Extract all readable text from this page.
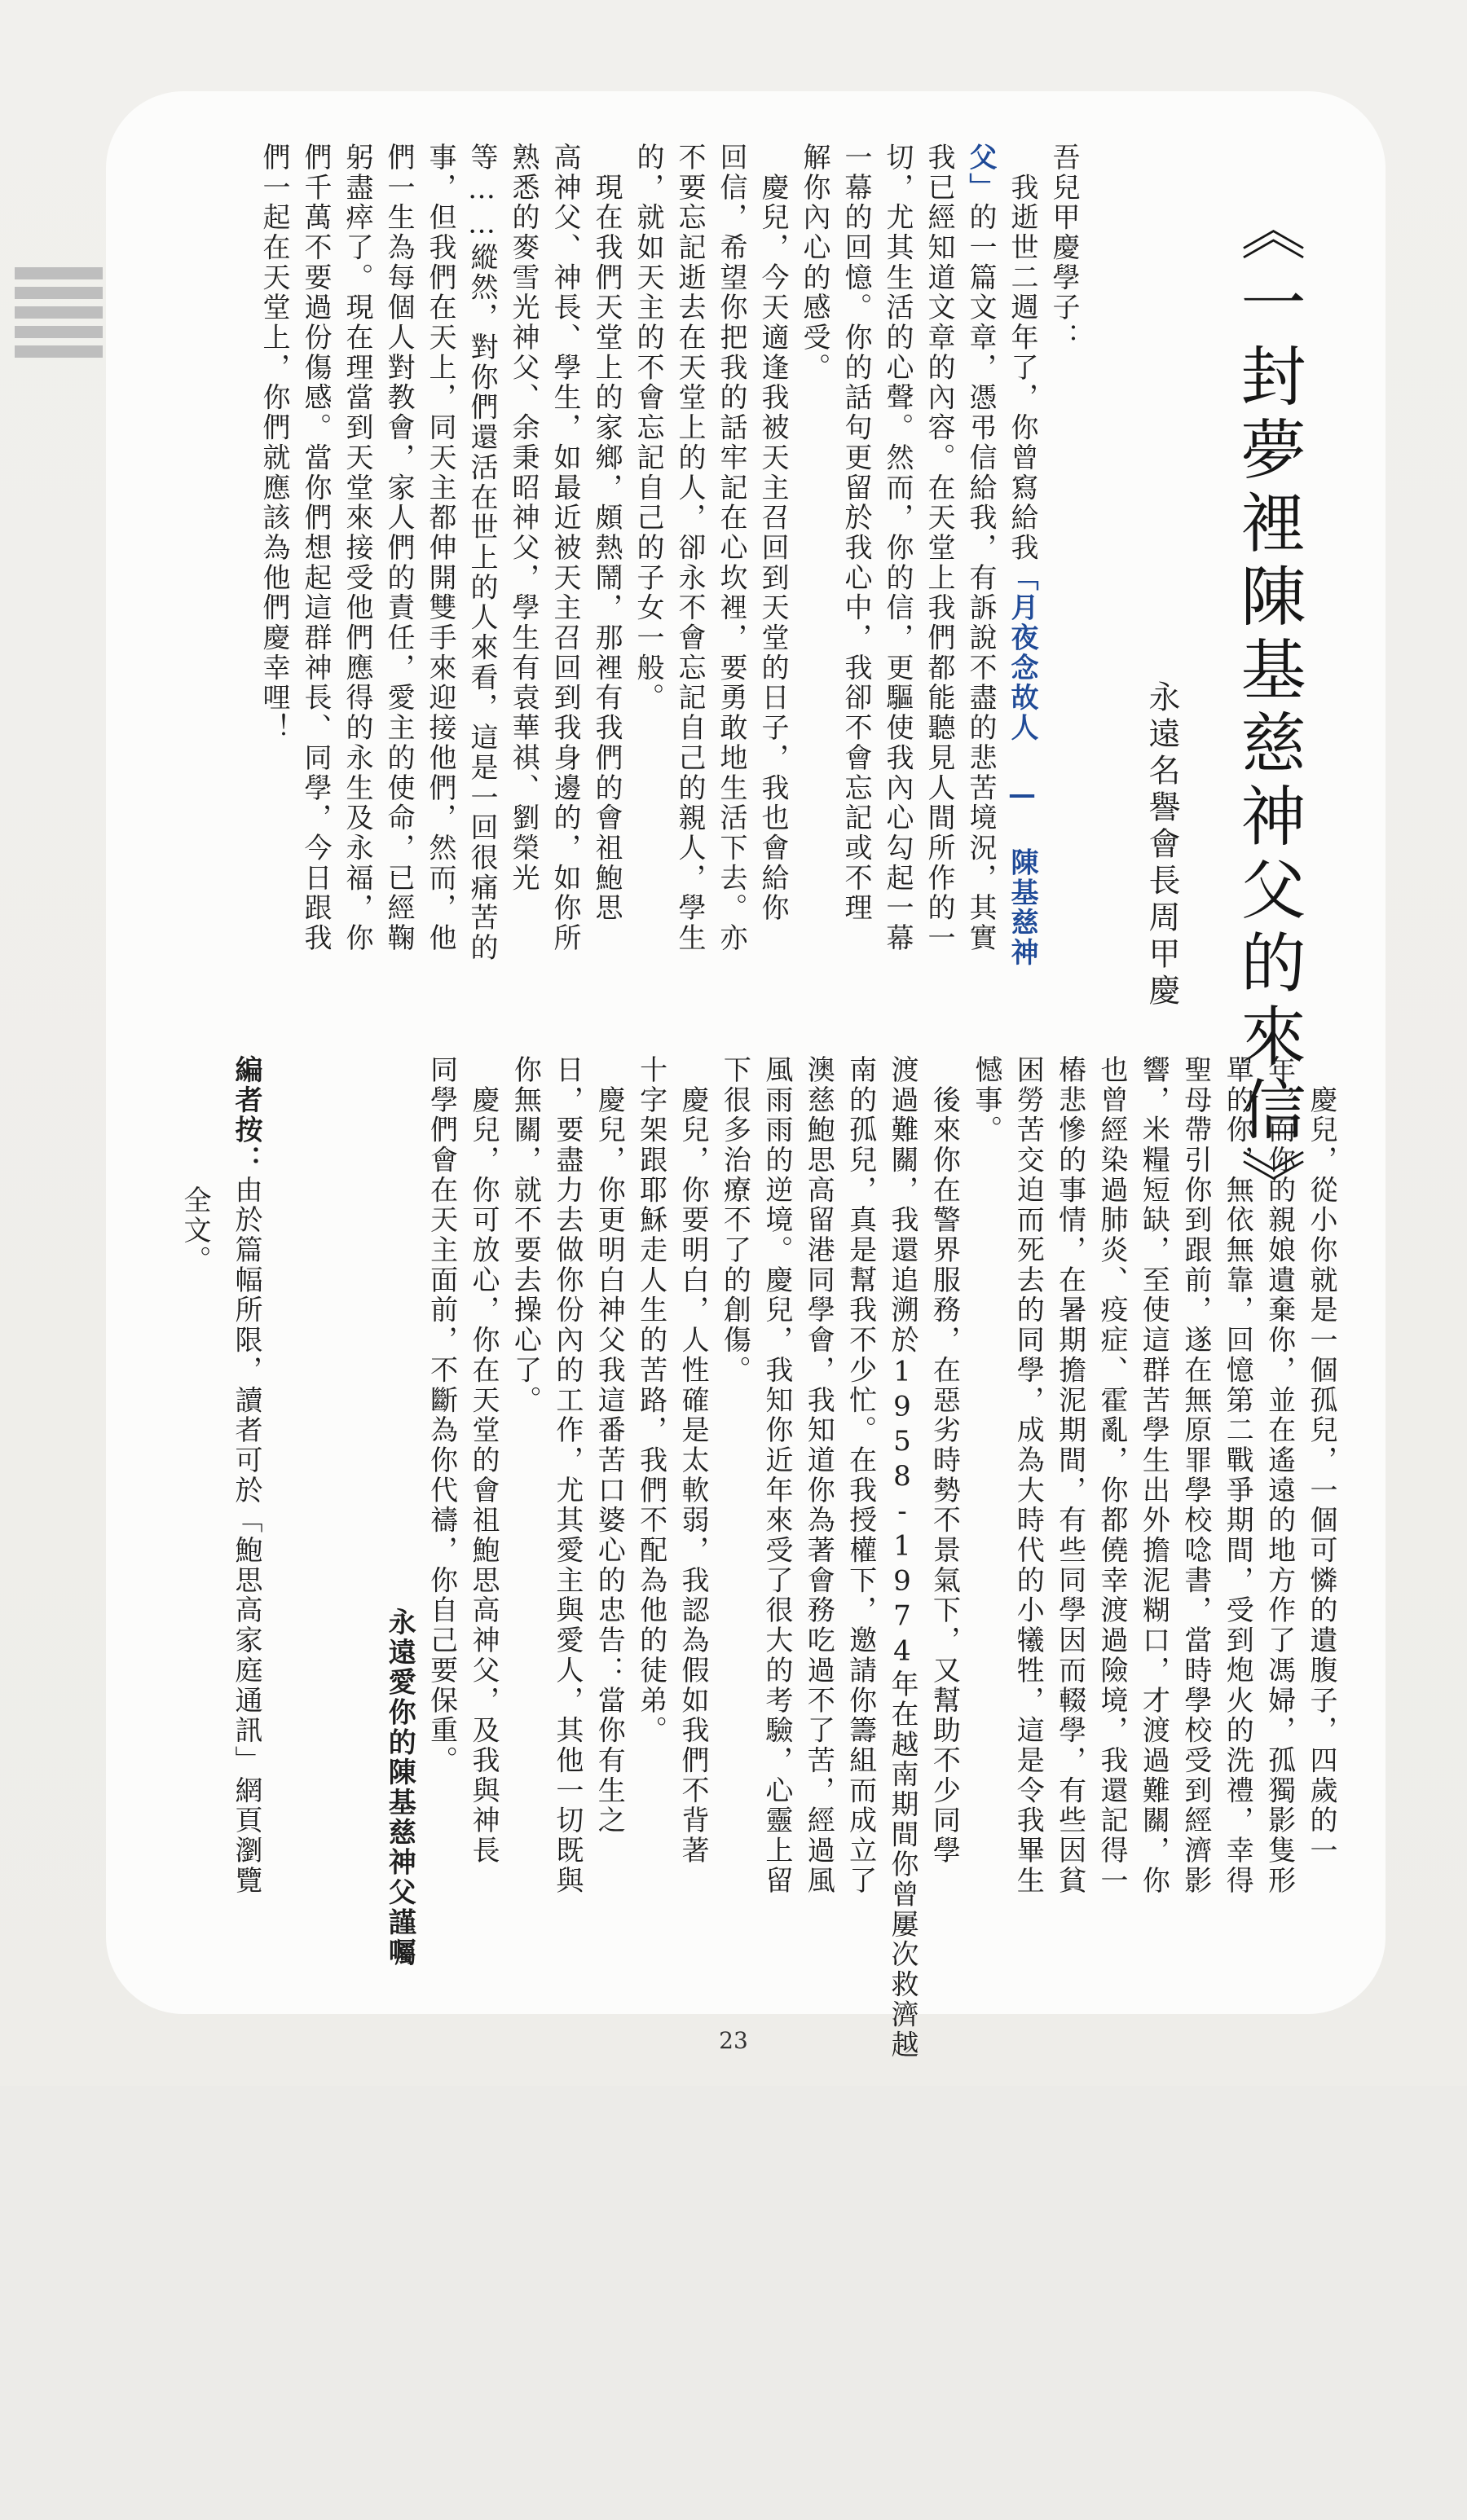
《一封夢裡陳基慈神父的來信》
永遠名譽會長周甲慶
吾兒甲慶學子：
　我逝世二週年了，你曾寫給我「月夜念故人 — 陳基慈神
父」的一篇文章，憑弔信給我，有訴說不盡的悲苦境況，其實
我已經知道文章的內容。在天堂上我們都能聽見人間所作的一
切，尤其生活的心聲。然而，你的信，更驅使我內心勾起一幕
一幕的回憶。你的話句更留於我心中，我卻不會忘記或不理
解你內心的感受。
　慶兒，今天適逢我被天主召回到天堂的日子，我也會給你
回信，希望你把我的話牢記在心坎裡，要勇敢地生活下去。亦
不要忘記逝去在天堂上的人，卻永不會忘記自己的親人，學生
的，就如天主的不會忘記自己的子女一般。
　現在我們天堂上的家鄉，頗熱鬧，那裡有我們的會祖鮑思
高神父、神長、學生，如最近被天主召回到我身邊的，如你所
熟悉的麥雪光神父、余秉昭神父，學生有袁華祺、劉榮光
等……縱然，對你們還活在世上的人來看，這是一回很痛苦的
事，但我們在天上，同天主都伸開雙手來迎接他們，然而，他
們一生為每個人對教會，家人們的責任，愛主的使命，已經鞠
躬盡瘁了。現在理當到天堂來接受他們應得的永生及永福，你
們千萬不要過份傷感。當你們想起這群神長、同學，今日跟我
們一起在天堂上，你們就應該為他們慶幸哩！
　慶兒，從小你就是一個孤兒，一個可憐的遺腹子，四歲的一
年，而你的親娘遺棄你，並在遙遠的地方作了馮婦，孤獨影隻形
單的你，無依無靠，回憶第二戰爭期間，受到炮火的洗禮，幸得
聖母帶引你到跟前，遂在無原罪學校唸書，當時學校受到經濟影
響，米糧短缺，至使這群苦學生出外擔泥糊口，才渡過難關，你
也曾經染過肺炎、疫症、霍亂，你都僥幸渡過險境，我還記得一
樁悲慘的事情，在暑期擔泥期間，有些同學因而輟學，有些因貧
困勞苦交迫而死去的同學，成為大時代的小犧牲，這是令我畢生
憾事。
　後來你在警界服務，在惡劣時勢不景氣下，又幫助不少同學
渡過難關，我還追溯於1958-1974年在越南期間你曾屢次救濟越
南的孤兒，真是幫我不少忙。在我授權下，邀請你籌組而成立了
澳慈鮑思高留港同學會，我知道你為著會務吃過不了苦，經過風
風雨雨的逆境。慶兒，我知你近年來受了很大的考驗，心靈上留
下很多治療不了的創傷。
　慶兒，你要明白，人性確是太軟弱，我認為假如我們不背著
十字架跟耶穌走人生的苦路，我們不配為他的徒弟。
　慶兒，你更明白神父我這番苦口婆心的忠告：當你有生之
日，要盡力去做你份內的工作，尤其愛主與愛人，其他一切既與
你無關，就不要去操心了。
　慶兒，你可放心，你在天堂的會祖鮑思高神父，及我與神長
同學們會在天主面前，不斷為你代禱，你自己要保重。
永遠愛你的陳基慈神父謹囑
編者按：由於篇幅所限，讀者可於「鮑思高家庭通訊」網頁瀏覽
全文。
23
